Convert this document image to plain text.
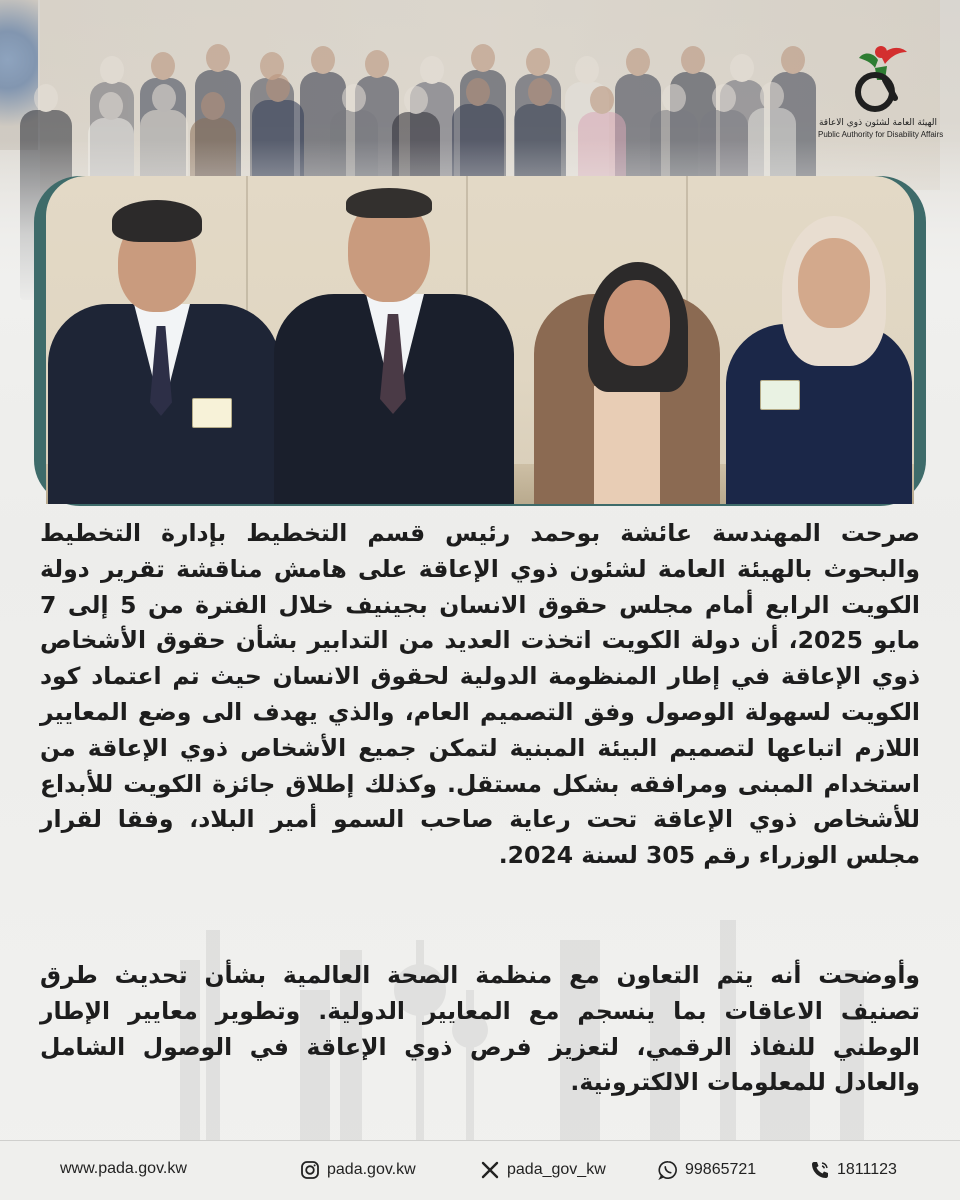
الهيئة العامة لشئون ذوي الاعاقة
Public Authority for Disability Affairs
صرحت المهندسة عائشة بوحمد رئيس قسم التخطيط بإدارة التخطيط والبحوث بالهيئة العامة لشئون ذوي الإعاقة على هامش مناقشة تقرير دولة الكويت الرابع أمام مجلس حقوق الانسان بجينيف خلال الفترة من 5 إلى 7 مايو 2025، أن دولة الكويت اتخذت العديد من التدابير بشأن حقوق الأشخاص ذوي الإعاقة في إطار المنظومة الدولية لحقوق الانسان حيث تم اعتماد كود الكويت لسهولة الوصول وفق التصميم العام، والذي يهدف الى وضع المعايير اللازم اتباعها لتصميم البيئة المبنية لتمكن جميع الأشخاص ذوي الإعاقة من استخدام المبنى ومرافقه بشكل مستقل. وكذلك إطلاق جائزة الكويت للأبداع للأشخاص ذوي الإعاقة تحت رعاية صاحب السمو أمير البلاد، وفقا لقرار مجلس الوزراء رقم 305 لسنة 2024.
وأوضحت أنه يتم التعاون مع منظمة الصحة العالمية بشأن تحديث طرق تصنيف الاعاقات بما ينسجم مع المعايير الدولية. وتطوير معايير الإطار الوطني للنفاذ الرقمي، لتعزيز فرص ذوي الإعاقة في الوصول الشامل والعادل للمعلومات الالكترونية.
www.pada.gov.kw	pada.gov.kw	pada_gov_kw	99865721	1811123
